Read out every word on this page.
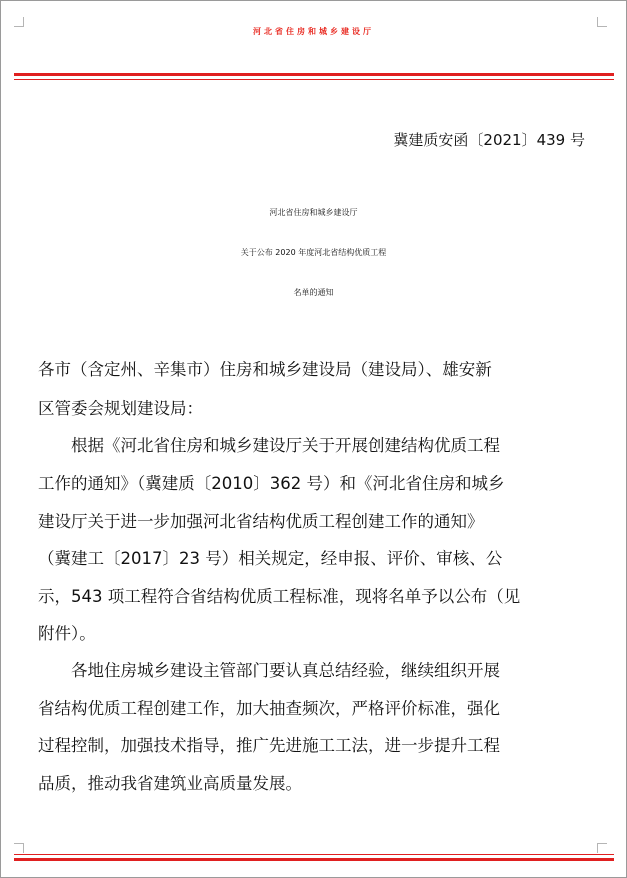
河北省住房和城乡建设厅
冀建质安函〔2021〕439 号
河北省住房和城乡建设厅
关于公布 2020 年度河北省结构优质工程
名单的通知
各市（含定州、辛集市）住房和城乡建设局（建设局）、雄安新
区管委会规划建设局：
根据《河北省住房和城乡建设厅关于开展创建结构优质工程
工作的通知》（冀建质〔2010〕362 号）和《河北省住房和城乡
建设厅关于进一步加强河北省结构优质工程创建工作的通知》
（冀建工〔2017〕23 号）相关规定，经申报、评价、审核、公
示，543 项工程符合省结构优质工程标准，现将名单予以公布（见
附件）。
各地住房城乡建设主管部门要认真总结经验，继续组织开展
省结构优质工程创建工作，加大抽查频次，严格评价标准，强化
过程控制，加强技术指导，推广先进施工工法，进一步提升工程
品质，推动我省建筑业高质量发展。
